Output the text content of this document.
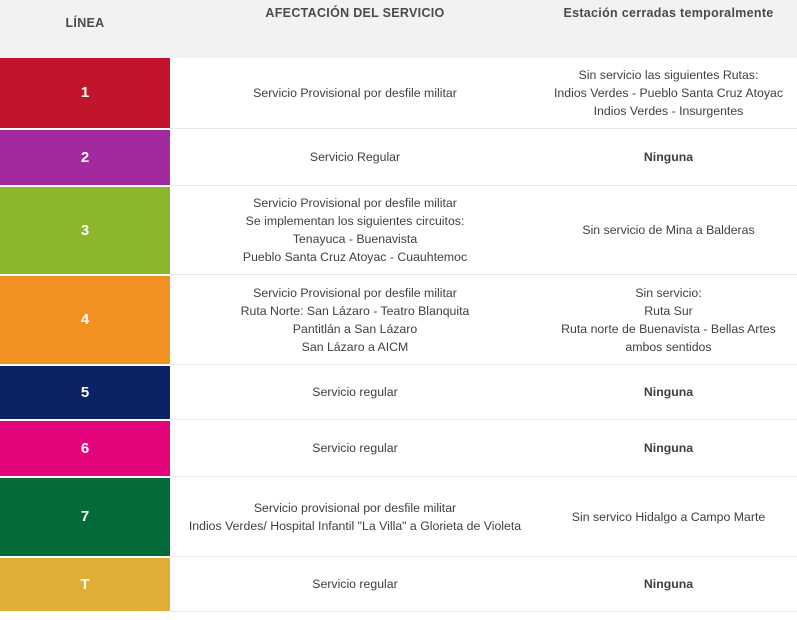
LÍNEA	AFECTACIÓN DEL SERVICIO	Estación cerradas temporalmente
1	Servicio Provisional por desfile militar	Sin servicio las siguientes Rutas:
Indios Verdes - Pueblo Santa Cruz Atoyac
Indios Verdes - Insurgentes

2	Servicio Regular	Ninguna

3	Servicio Provisional por desfile militar
Se implementan los siguientes circuitos:
Tenayuca - Buenavista
Pueblo Santa Cruz Atoyac - Cuauhtemoc	Sin servicio de Mina a Balderas

4	Servicio Provisional por desfile militar
Ruta Norte: San Lázaro - Teatro Blanquita
Pantitlán a San Lázaro
San Lázaro a AICM	Sin servicio:
Ruta Sur
Ruta norte de Buenavista - Bellas Artes
ambos sentidos

5	Servicio regular	Ninguna

6	Servicio regular	Ninguna

7	Servicio provisional por desfile militar
Indios Verdes/ Hospital Infantil "La Villa" a Glorieta de Violeta	Sin servico Hidalgo a Campo Marte

T	Servicio regular	Ninguna
